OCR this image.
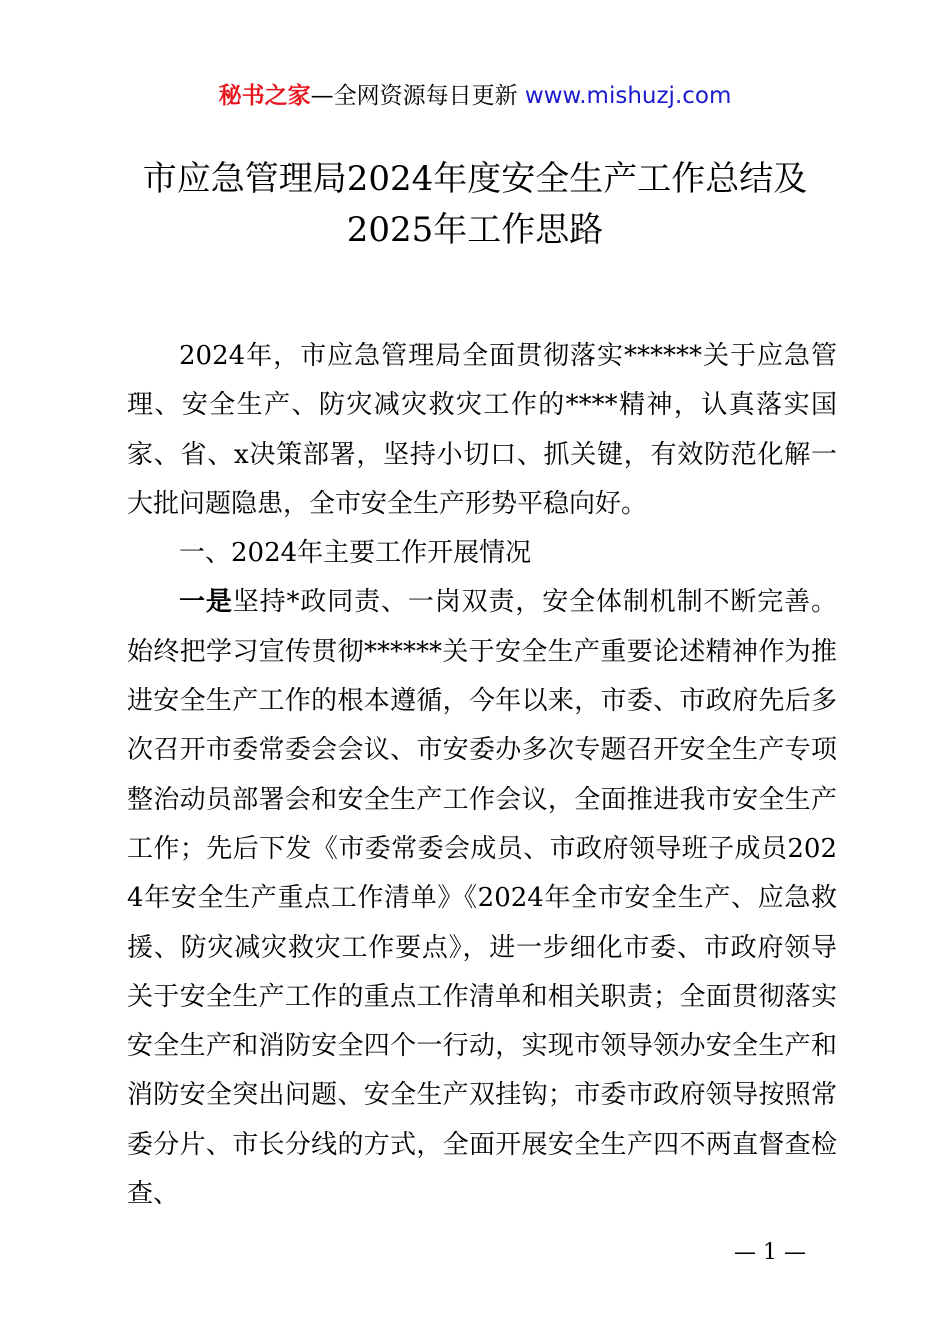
秘书之家—全网资源每日更新 www.mishuzj.com
市应急管理局2024年度安全生产工作总结及
2025年工作思路

2024年，市应急管理局全面贯彻落实******关于应急管理、安全生产、防灾减灾救灾工作的****精神，认真落实国家、省、x决策部署，坚持小切口、抓关键，有效防范化解一大批问题隐患，全市安全生产形势平稳向好。

一、2024年主要工作开展情况

一是坚持*政同责、一岗双责，安全体制机制不断完善。始终把学习宣传贯彻******关于安全生产重要论述精神作为推进安全生产工作的根本遵循，今年以来，市委、市政府先后多次召开市委常委会会议、市安委办多次专题召开安全生产专项整治动员部署会和安全生产工作会议，全面推进我市安全生产工作；先后下发《市委常委会成员、市政府领导班子成员2024年安全生产重点工作清单》《2024年全市安全生产、应急救援、防灾减灾救灾工作要点》，进一步细化市委、市政府领导关于安全生产工作的重点工作清单和相关职责；全面贯彻落实安全生产和消防安全四个一行动，实现市领导领办安全生产和消防安全突出问题、安全生产双挂钩；市委市政府领导按照常委分片、市长分线的方式，全面开展安全生产四不两直督查检查、

— 1 —
